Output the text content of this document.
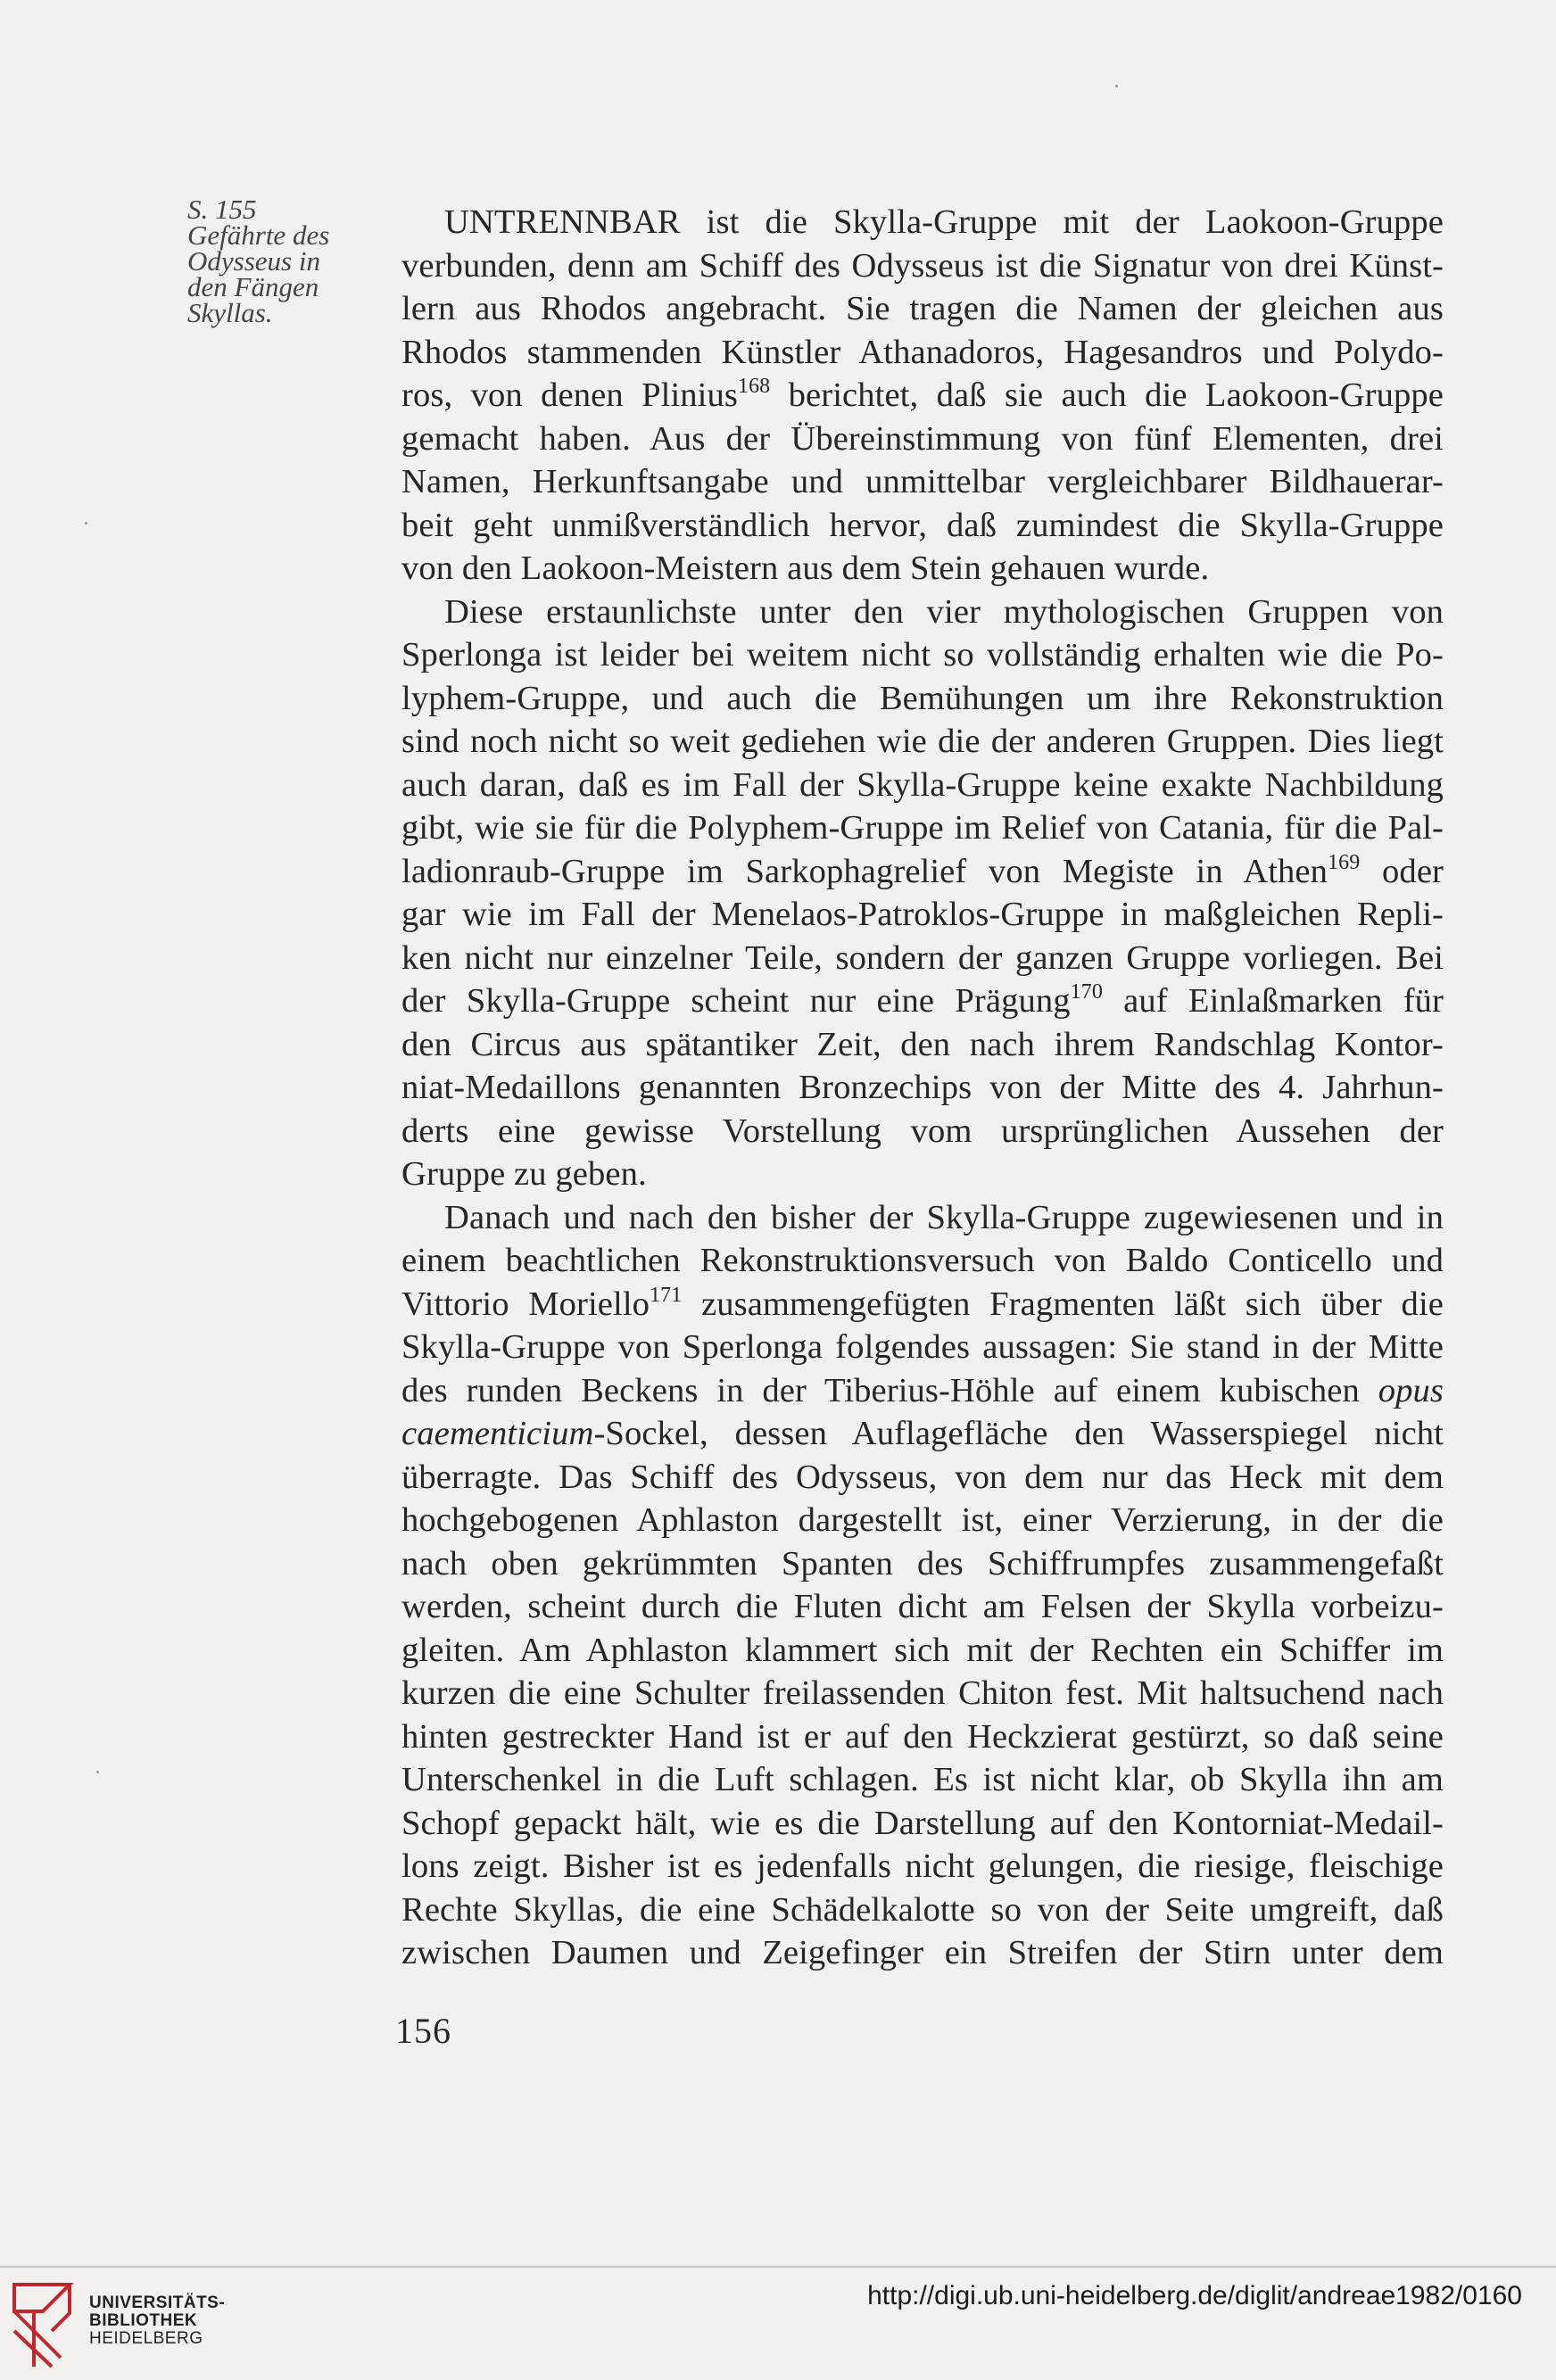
S. 155
Gefährte des
Odysseus in
den Fängen
Skyllas.
UNTRENNBAR ist die Skylla-Gruppe mit der Laokoon-Gruppe
verbunden, denn am Schiff des Odysseus ist die Signatur von drei Künst-
lern aus Rhodos angebracht. Sie tragen die Namen der gleichen aus
Rhodos stammenden Künstler Athanadoros, Hagesandros und Polydo-
ros, von denen Plinius$^{168}$ berichtet, daß sie auch die Laokoon-Gruppe
gemacht haben. Aus der Übereinstimmung von fünf Elementen, drei
Namen, Herkunftsangabe und unmittelbar vergleichbarer Bildhauerar-
beit geht unmißverständlich hervor, daß zumindest die Skylla-Gruppe
von den Laokoon-Meistern aus dem Stein gehauen wurde.
Diese erstaunlichste unter den vier mythologischen Gruppen von
Sperlonga ist leider bei weitem nicht so vollständig erhalten wie die Po-
lyphem-Gruppe, und auch die Bemühungen um ihre Rekonstruktion
sind noch nicht so weit gediehen wie die der anderen Gruppen. Dies liegt
auch daran, daß es im Fall der Skylla-Gruppe keine exakte Nachbildung
gibt, wie sie für die Polyphem-Gruppe im Relief von Catania, für die Pal-
ladionraub-Gruppe im Sarkophagrelief von Megiste in Athen$^{169}$ oder
gar wie im Fall der Menelaos-Patroklos-Gruppe in maßgleichen Repli-
ken nicht nur einzelner Teile, sondern der ganzen Gruppe vorliegen. Bei
der Skylla-Gruppe scheint nur eine Prägung$^{170}$ auf Einlaßmarken für
den Circus aus spätantiker Zeit, den nach ihrem Randschlag Kontor-
niat-Medaillons genannten Bronzechips von der Mitte des 4. Jahrhun-
derts eine gewisse Vorstellung vom ursprünglichen Aussehen der
Gruppe zu geben.
Danach und nach den bisher der Skylla-Gruppe zugewiesenen und in
einem beachtlichen Rekonstruktionsversuch von Baldo Conticello und
Vittorio Moriello$^{171}$ zusammengefügten Fragmenten läßt sich über die
Skylla-Gruppe von Sperlonga folgendes aussagen: Sie stand in der Mitte
des runden Beckens in der Tiberius-Höhle auf einem kubischen opus
caementicium-Sockel, dessen Auflagefläche den Wasserspiegel nicht
überragte. Das Schiff des Odysseus, von dem nur das Heck mit dem
hochgebogenen Aphlaston dargestellt ist, einer Verzierung, in der die
nach oben gekrümmten Spanten des Schiffrumpfes zusammengefaßt
werden, scheint durch die Fluten dicht am Felsen der Skylla vorbeizu-
gleiten. Am Aphlaston klammert sich mit der Rechten ein Schiffer im
kurzen die eine Schulter freilassenden Chiton fest. Mit haltsuchend nach
hinten gestreckter Hand ist er auf den Heckzierat gestürzt, so daß seine
Unterschenkel in die Luft schlagen. Es ist nicht klar, ob Skylla ihn am
Schopf gepackt hält, wie es die Darstellung auf den Kontorniat-Medail-
lons zeigt. Bisher ist es jedenfalls nicht gelungen, die riesige, fleischige
Rechte Skyllas, die eine Schädelkalotte so von der Seite umgreift, daß
zwischen Daumen und Zeigefinger ein Streifen der Stirn unter dem
156
UNIVERSITÄTS-
BIBLIOTHEK
HEIDELBERG
http://digi.ub.uni-heidelberg.de/diglit/andreae1982/0160
